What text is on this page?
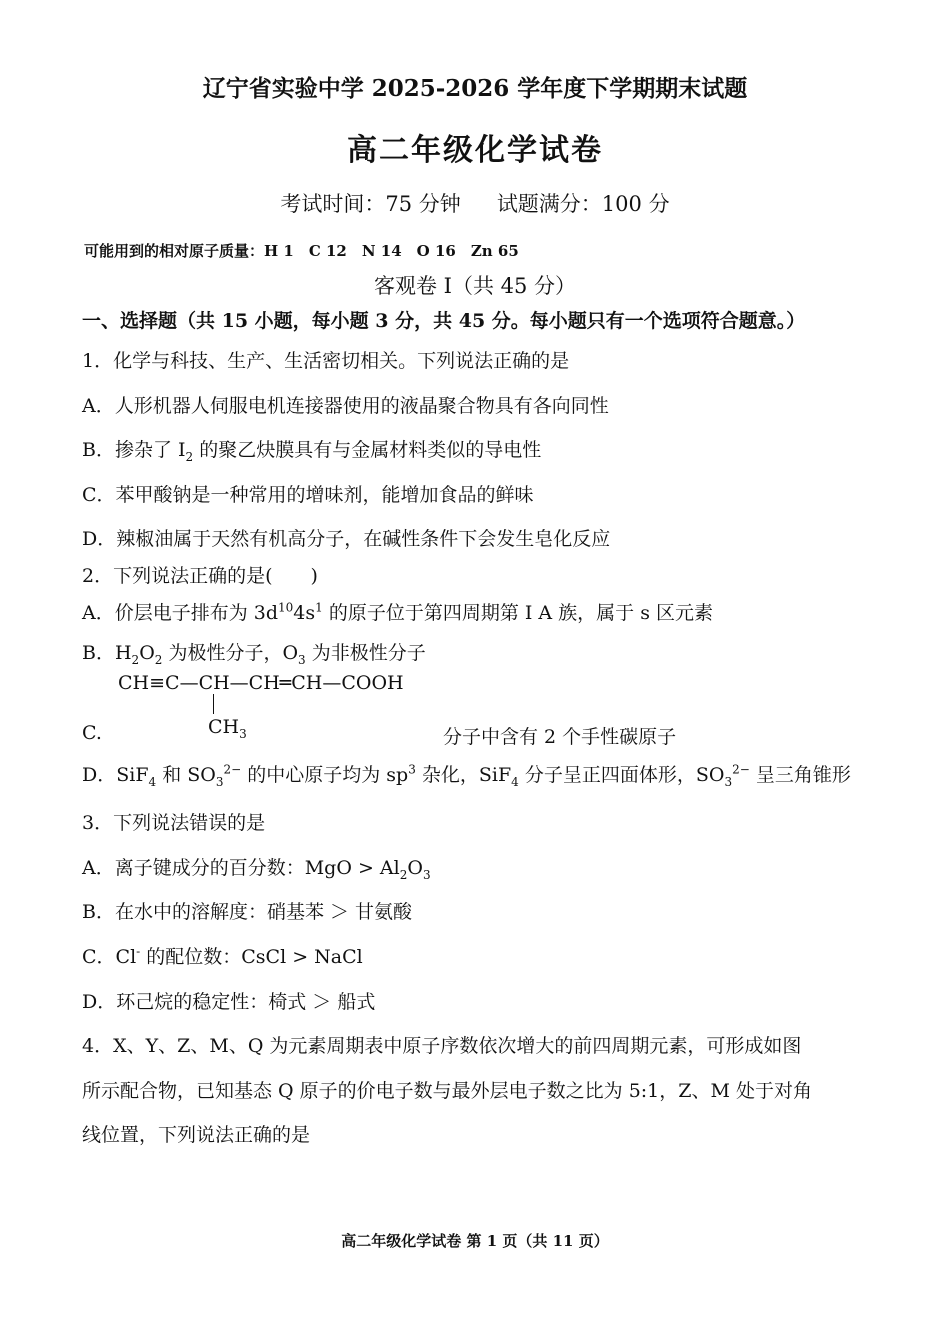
辽宁省实验中学 2025-2026 学年度下学期期末试题
高二年级化学试卷
考试时间：75 分钟 试题满分：100 分
可能用到的相对原子质量：H 1　C 12　N 14　O 16　Zn 65
客观卷 I（共 45 分）
一、选择题（共 15 小题，每小题 3 分，共 45 分。每小题只有一个选项符合题意。）
1．化学与科技、生产、生活密切相关。下列说法正确的是
A．人形机器人伺服电机连接器使用的液晶聚合物具有各向同性
B．掺杂了 $I_2$ 的聚乙炔膜具有与金属材料类似的导电性
C．苯甲酸钠是一种常用的增味剂，能增加食品的鲜味
D．辣椒油属于天然有机高分子，在碱性条件下会发生皂化反应
2．下列说法正确的是(　　)
A．价层电子排布为 $3d^{10}4s^1$ 的原子位于第四周期第 Ⅰ A 族，属于 s 区元素
B．$H_2O_2$ 为极性分子，$O_3$ 为非极性分子
CH≡C—CH—CH═CH—COOH
$CH_3$
C.	分子中含有 2 个手性碳原子
D．SiF$_4$ 和 $SO_3^{2-}$ 的中心原子均为 $sp^3$ 杂化，SiF$_4$ 分子呈正四面体形，$SO_3^{2-}$ 呈三角锥形
3．下列说法错误的是
A．离子键成分的百分数：MgO > $Al_2O_3$
B．在水中的溶解度：硝基苯 ＞ 甘氨酸
C．Cl- 的配位数：CsCl > NaCl
D．环己烷的稳定性：椅式 ＞ 船式
4．X、Y、Z、M、Q 为元素周期表中原子序数依次增大的前四周期元素，可形成如图
所示配合物，已知基态 Q 原子的价电子数与最外层电子数之比为 5:1，Z、M 处于对角
线位置，下列说法正确的是
高二年级化学试卷 第 1 页（共 11 页）
